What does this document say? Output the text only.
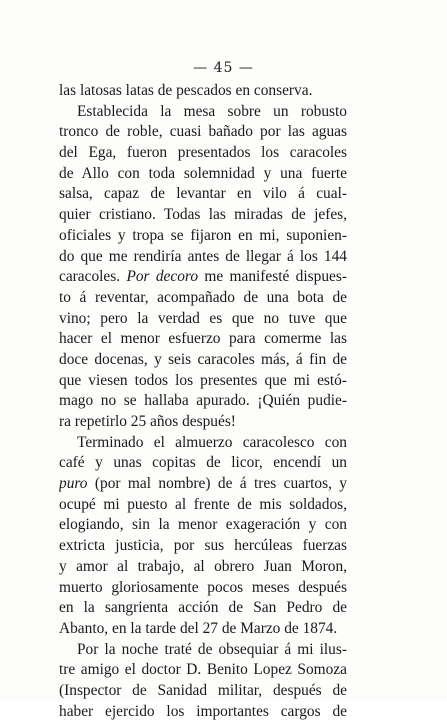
— 45 —
las latosas latas de pescados en conserva.
Establecida la mesa sobre un robusto
tronco de roble, cuasi bañado por las aguas
del Ega, fueron presentados los caracoles
de Allo con toda solemnidad y una fuerte
salsa, capaz de levantar en vilo á cual-
quier cristiano. Todas las miradas de jefes,
oficiales y tropa se fijaron en mi, suponien-
do que me rendiría antes de llegar á los 144
caracoles. Por decoro me manifesté dispues-
to á reventar, acompañado de una bota de
vino; pero la verdad es que no tuve que
hacer el menor esfuerzo para comerme las
doce docenas, y seis caracoles más, á fin de
que viesen todos los presentes que mi estó-
mago no se hallaba apurado. ¡Quién pudie-
ra repetirlo 25 años después!
Terminado el almuerzo caracolesco con
café y unas copitas de licor, encendí un
puro (por mal nombre) de á tres cuartos, y
ocupé mi puesto al frente de mis soldados,
elogiando, sin la menor exageración y con
extricta justicia, por sus hercúleas fuerzas
y amor al trabajo, al obrero Juan Moron,
muerto gloriosamente pocos meses después
en la sangrienta acción de San Pedro de
Abanto, en la tarde del 27 de Marzo de 1874.
Por la noche traté de obsequiar á mi ilus-
tre amigo el doctor D. Benito Lopez Somoza
(Inspector de Sanidad militar, después de
haber ejercido los importantes cargos de
